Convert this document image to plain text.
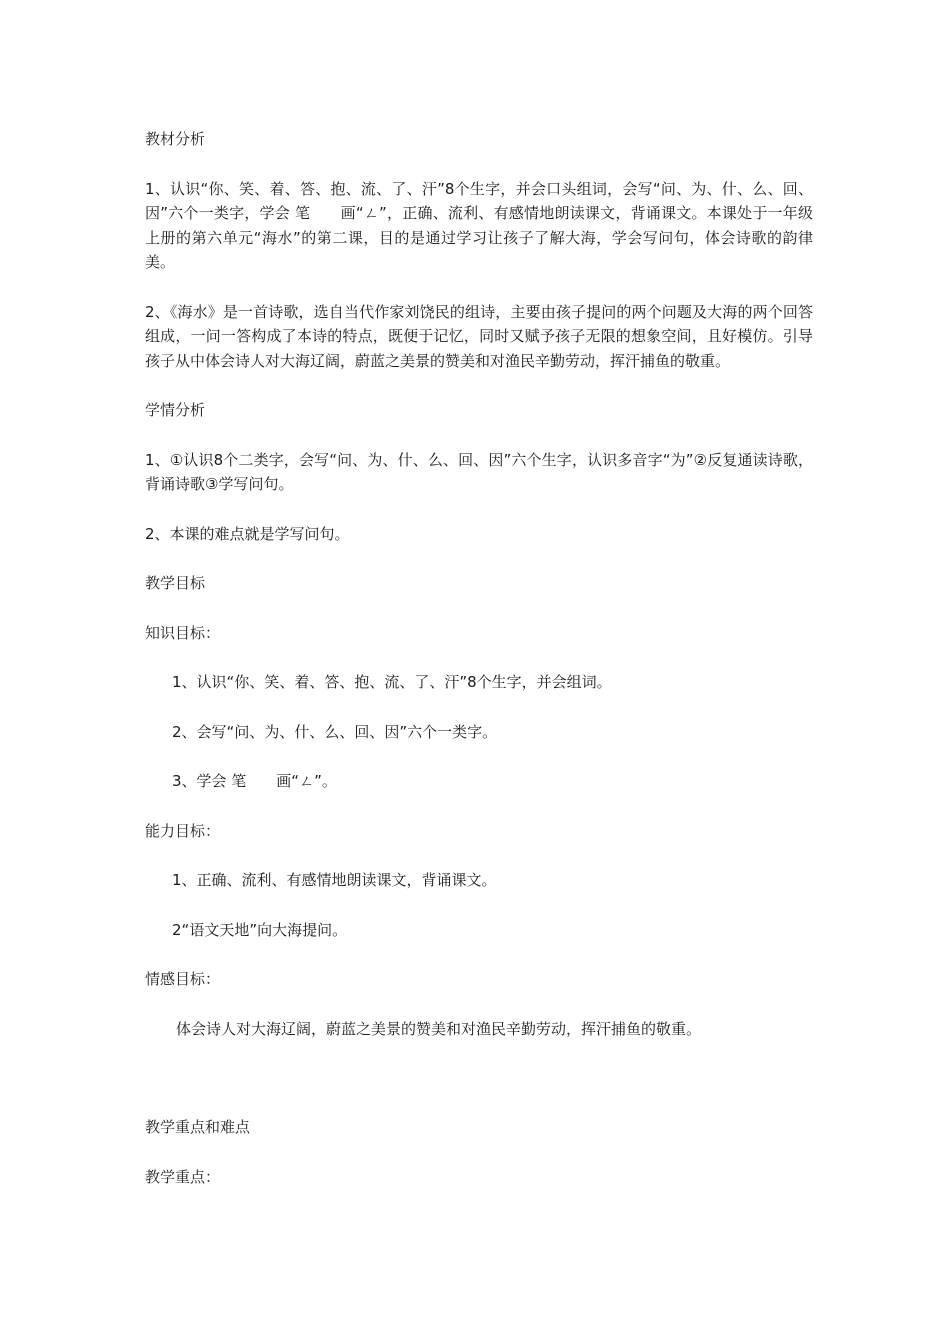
教材分析

1、认识“你、笑、着、答、抱、流、了、汗”8个生字，并会口头组词，会写“问、为、什、么、回、因”六个一类字，学会 笔　　画“ㄥ”，正确、流利、有感情地朗读课文，背诵课文。本课处于一年级上册的第六单元“海水”的第二课，目的是通过学习让孩子了解大海，学会写问句，体会诗歌的韵律美。

2、《海水》是一首诗歌，选自当代作家刘饶民的组诗，主要由孩子提问的两个问题及大海的两个回答组成，一问一答构成了本诗的特点，既便于记忆，同时又赋予孩子无限的想象空间，且好模仿。引导孩子从中体会诗人对大海辽阔，蔚蓝之美景的赞美和对渔民辛勤劳动，挥汗捕鱼的敬重。

学情分析

1、①认识8个二类字，会写“问、为、什、么、回、因”六个生字，认识多音字“为”②反复通读诗歌，背诵诗歌③学写问句。

2、本课的难点就是学写问句。

教学目标

知识目标：

1、认识“你、笑、着、答、抱、流、了、汗”8个生字，并会组词。

2、会写“问、为、什、么、回、因”六个一类字。

3、学会 笔　　画“ㄥ”。

能力目标：

1、正确、流利、有感情地朗读课文，背诵课文。

2“语文天地”向大海提问。

情感目标：

体会诗人对大海辽阔，蔚蓝之美景的赞美和对渔民辛勤劳动，挥汗捕鱼的敬重。

教学重点和难点

教学重点：
